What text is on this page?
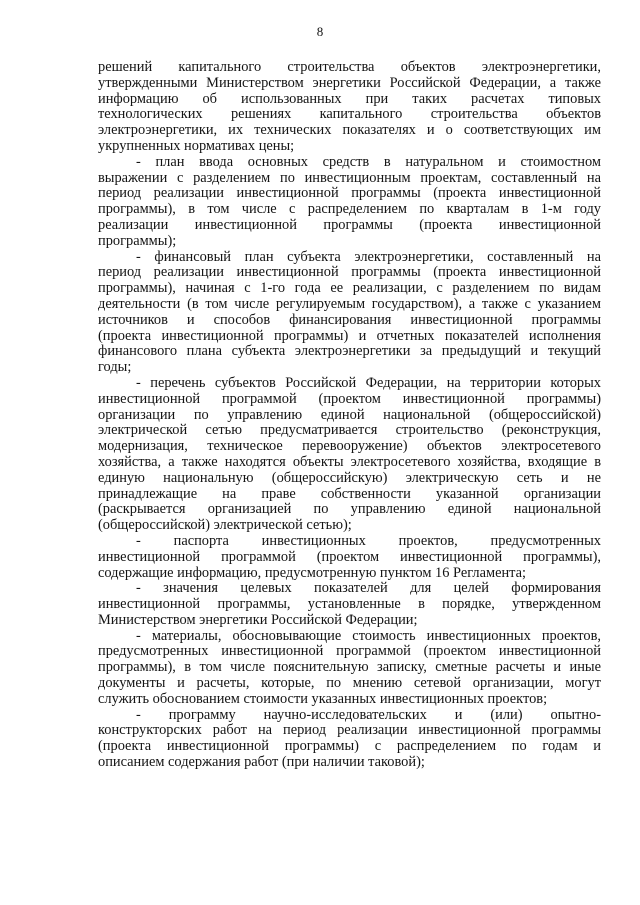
8
решений капитального строительства объектов электроэнергетики,
утвержденными Министерством энергетики Российской Федерации, а также
информацию об использованных при таких расчетах типовых
технологических решениях капитального строительства объектов
электроэнергетики, их технических показателях и о соответствующих им
укрупненных нормативах цены;
- план ввода основных средств в натуральном и стоимостном
выражении с разделением по инвестиционным проектам, составленный на
период реализации инвестиционной программы (проекта инвестиционной
программы), в том числе с распределением по кварталам в 1-м году
реализации инвестиционной программы (проекта инвестиционной
программы);
- финансовый план субъекта электроэнергетики, составленный на
период реализации инвестиционной программы (проекта инвестиционной
программы), начиная с 1-го года ее реализации, с разделением по видам
деятельности (в том числе регулируемым государством), а также с указанием
источников и способов финансирования инвестиционной программы
(проекта инвестиционной программы) и отчетных показателей исполнения
финансового плана субъекта электроэнергетики за предыдущий и текущий
годы;
- перечень субъектов Российской Федерации, на территории которых
инвестиционной программой (проектом инвестиционной программы)
организации по управлению единой национальной (общероссийской)
электрической сетью предусматривается строительство (реконструкция,
модернизация, техническое перевооружение) объектов электросетевого
хозяйства, а также находятся объекты электросетевого хозяйства, входящие в
единую национальную (общероссийскую) электрическую сеть и не
принадлежащие на праве собственности указанной организации
(раскрывается организацией по управлению единой национальной
(общероссийской) электрической сетью);
- паспорта инвестиционных проектов, предусмотренных
инвестиционной программой (проектом инвестиционной программы),
содержащие информацию, предусмотренную пунктом 16 Регламента;
- значения целевых показателей для целей формирования
инвестиционной программы, установленные в порядке, утвержденном
Министерством энергетики Российской Федерации;
- материалы, обосновывающие стоимость инвестиционных проектов,
предусмотренных инвестиционной программой (проектом инвестиционной
программы), в том числе пояснительную записку, сметные расчеты и иные
документы и расчеты, которые, по мнению сетевой организации, могут
служить обоснованием стоимости указанных инвестиционных проектов;
- программу научно-исследовательских и (или) опытно-
конструкторских работ на период реализации инвестиционной программы
(проекта инвестиционной программы) с распределением по годам и
описанием содержания работ (при наличии таковой);
